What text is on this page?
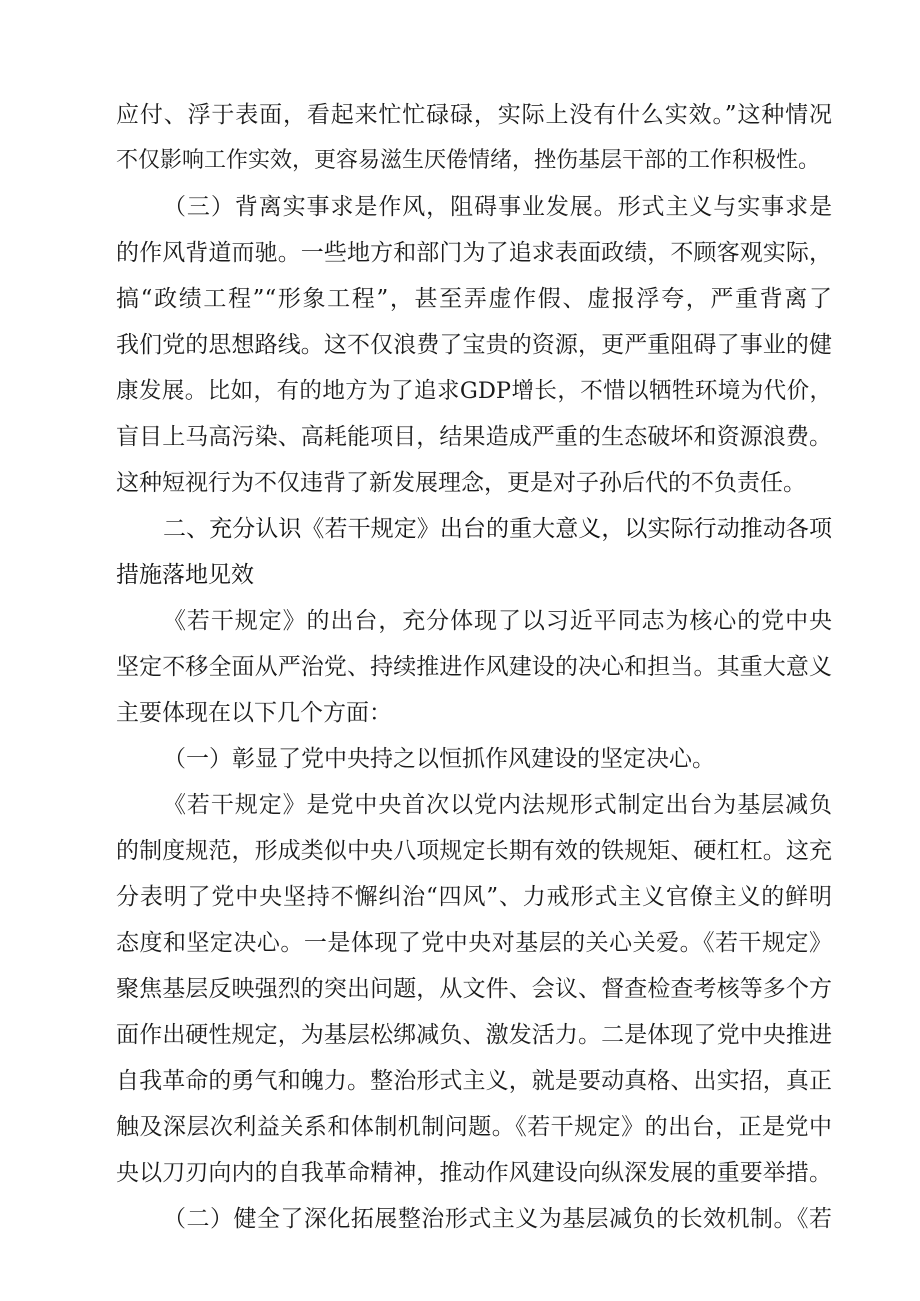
应付、浮于表面，看起来忙忙碌碌，实际上没有什么实效。”这种情况
不仅影响工作实效，更容易滋生厌倦情绪，挫伤基层干部的工作积极性。
（三）背离实事求是作风，阻碍事业发展。形式主义与实事求是
的作风背道而驰。一些地方和部门为了追求表面政绩，不顾客观实际，
搞“政绩工程”“形象工程”，甚至弄虚作假、虚报浮夸，严重背离了
我们党的思想路线。这不仅浪费了宝贵的资源，更严重阻碍了事业的健
康发展。比如，有的地方为了追求GDP增长，不惜以牺牲环境为代价，
盲目上马高污染、高耗能项目，结果造成严重的生态破坏和资源浪费。
这种短视行为不仅违背了新发展理念，更是对子孙后代的不负责任。
二、充分认识《若干规定》出台的重大意义，以实际行动推动各项
措施落地见效
《若干规定》的出台，充分体现了以习近平同志为核心的党中央
坚定不移全面从严治党、持续推进作风建设的决心和担当。其重大意义
主要体现在以下几个方面：
（一）彰显了党中央持之以恒抓作风建设的坚定决心。
《若干规定》是党中央首次以党内法规形式制定出台为基层减负
的制度规范，形成类似中央八项规定长期有效的铁规矩、硬杠杠。这充
分表明了党中央坚持不懈纠治“四风”、力戒形式主义官僚主义的鲜明
态度和坚定决心。一是体现了党中央对基层的关心关爱。《若干规定》
聚焦基层反映强烈的突出问题，从文件、会议、督查检查考核等多个方
面作出硬性规定，为基层松绑减负、激发活力。二是体现了党中央推进
自我革命的勇气和魄力。整治形式主义，就是要动真格、出实招，真正
触及深层次利益关系和体制机制问题。《若干规定》的出台，正是党中
央以刀刃向内的自我革命精神，推动作风建设向纵深发展的重要举措。
（二）健全了深化拓展整治形式主义为基层减负的长效机制。《若
